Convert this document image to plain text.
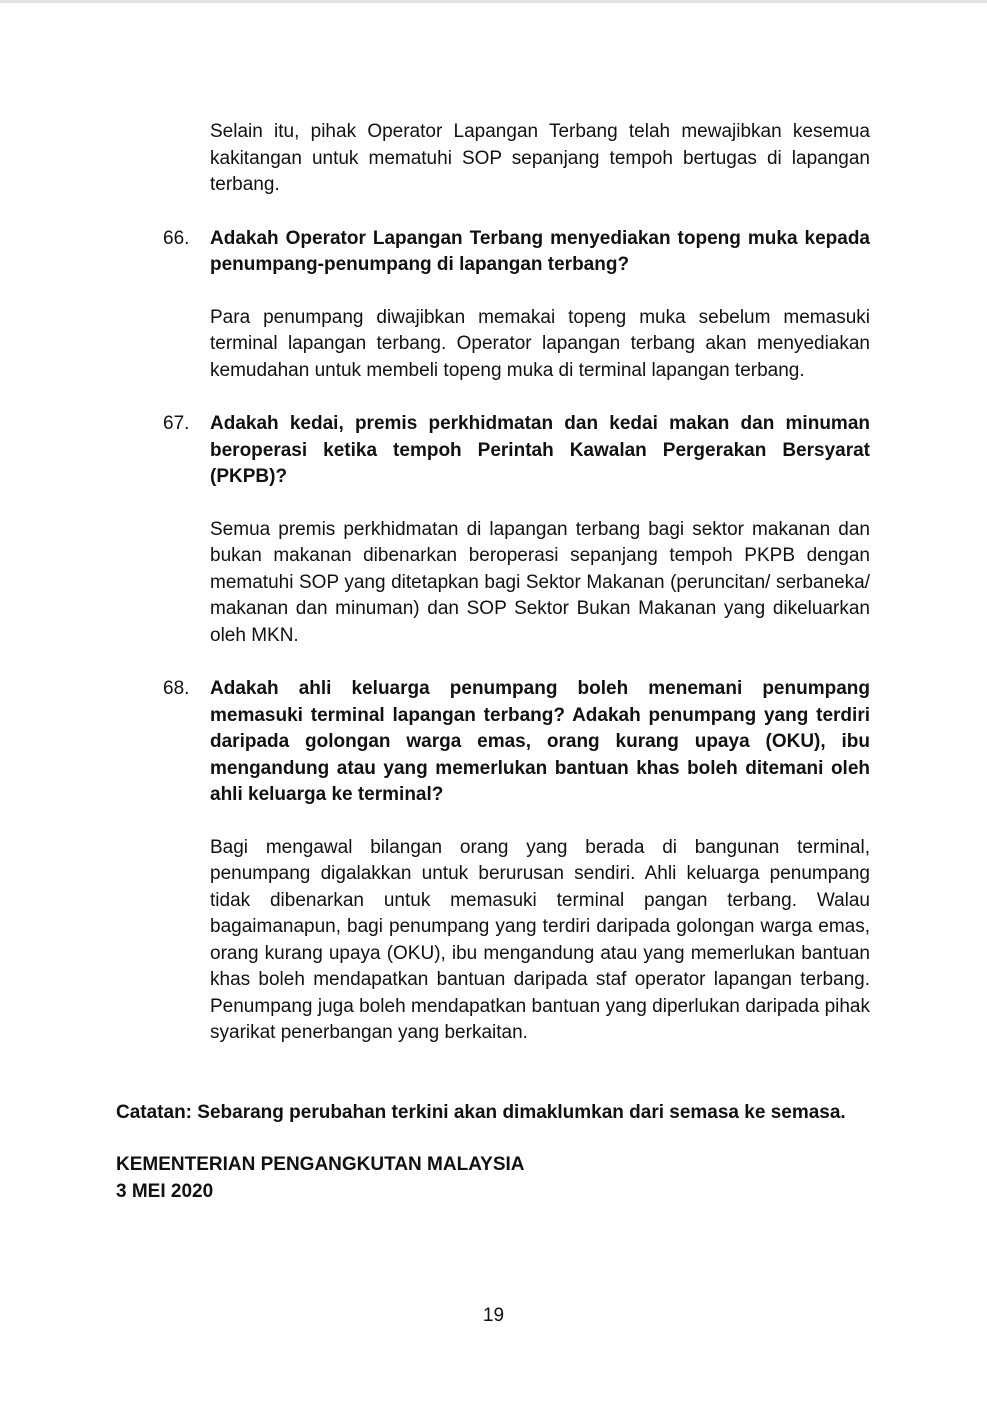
Selain itu, pihak Operator Lapangan Terbang telah mewajibkan kesemua kakitangan untuk mematuhi SOP sepanjang tempoh bertugas di lapangan terbang.

66. Adakah Operator Lapangan Terbang menyediakan topeng muka kepada penumpang-penumpang di lapangan terbang?

Para penumpang diwajibkan memakai topeng muka sebelum memasuki terminal lapangan terbang. Operator lapangan terbang akan menyediakan kemudahan untuk membeli topeng muka di terminal lapangan terbang.

67. Adakah kedai, premis perkhidmatan dan kedai makan dan minuman beroperasi ketika tempoh Perintah Kawalan Pergerakan Bersyarat (PKPB)?

Semua premis perkhidmatan di lapangan terbang bagi sektor makanan dan bukan makanan dibenarkan beroperasi sepanjang tempoh PKPB dengan mematuhi SOP yang ditetapkan bagi Sektor Makanan (peruncitan/ serbaneka/ makanan dan minuman) dan SOP Sektor Bukan Makanan yang dikeluarkan oleh MKN.

68. Adakah ahli keluarga penumpang boleh menemani penumpang memasuki terminal lapangan terbang? Adakah penumpang yang terdiri daripada golongan warga emas, orang kurang upaya (OKU), ibu mengandung atau yang memerlukan bantuan khas boleh ditemani oleh ahli keluarga ke terminal?

Bagi mengawal bilangan orang yang berada di bangunan terminal, penumpang digalakkan untuk berurusan sendiri. Ahli keluarga penumpang tidak dibenarkan untuk memasuki terminal pangan terbang. Walau bagaimanapun, bagi penumpang yang terdiri daripada golongan warga emas, orang kurang upaya (OKU), ibu mengandung atau yang memerlukan bantuan khas boleh mendapatkan bantuan daripada staf operator lapangan terbang. Penumpang juga boleh mendapatkan bantuan yang diperlukan daripada pihak syarikat penerbangan yang berkaitan.

Catatan: Sebarang perubahan terkini akan dimaklumkan dari semasa ke semasa.

KEMENTERIAN PENGANGKUTAN MALAYSIA
3 MEI 2020
19
